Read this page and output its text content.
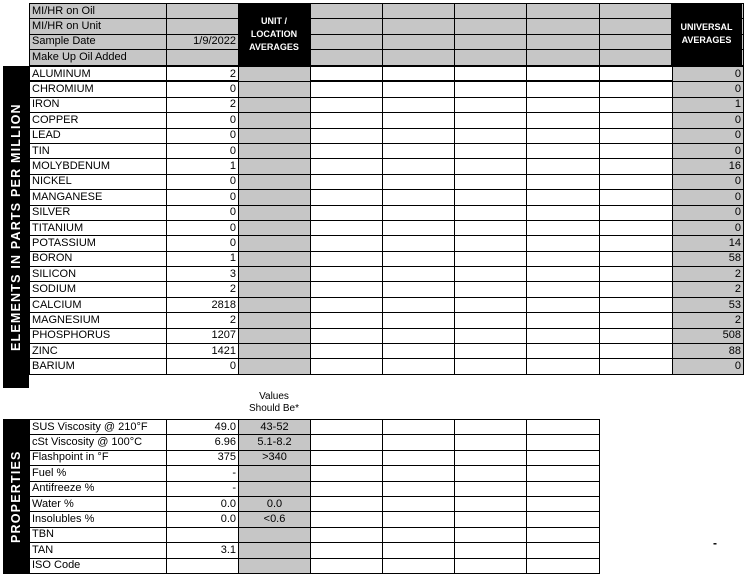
MI/HR on Oil								
MI/HR on Unit								
Sample Date	1/9/2022							
Make Up Oil Added								

UNIT /
LOCATION
AVERAGES
UNIVERSAL
AVERAGES
ELEMENTS IN PARTS PER MILLION
ALUMINUM	2							0
CHROMIUM	0							0
IRON	2							1
COPPER	0							0
LEAD	0							0
TIN	0							0
MOLYBDENUM	1							16
NICKEL	0							0
MANGANESE	0							0
SILVER	0							0
TITANIUM	0							0
POTASSIUM	0							14
BORON	1							58
SILICON	3							2
SODIUM	2							2
CALCIUM	2818							53
MAGNESIUM	2							2
PHOSPHORUS	1207							508
ZINC	1421							88
BARIUM	0							0
Values
Should Be*
PROPERTIES
SUS Viscosity @ 210°F	49.0	43-52				
cSt Viscosity @ 100°C	6.96	5.1-8.2				
Flashpoint in °F	375	>340				
Fuel %	-					
Antifreeze %	-					
Water %	0.0	0.0				
Insolubles %	0.0	<0.6				
TBN						
TAN	3.1					
ISO Code						
-
